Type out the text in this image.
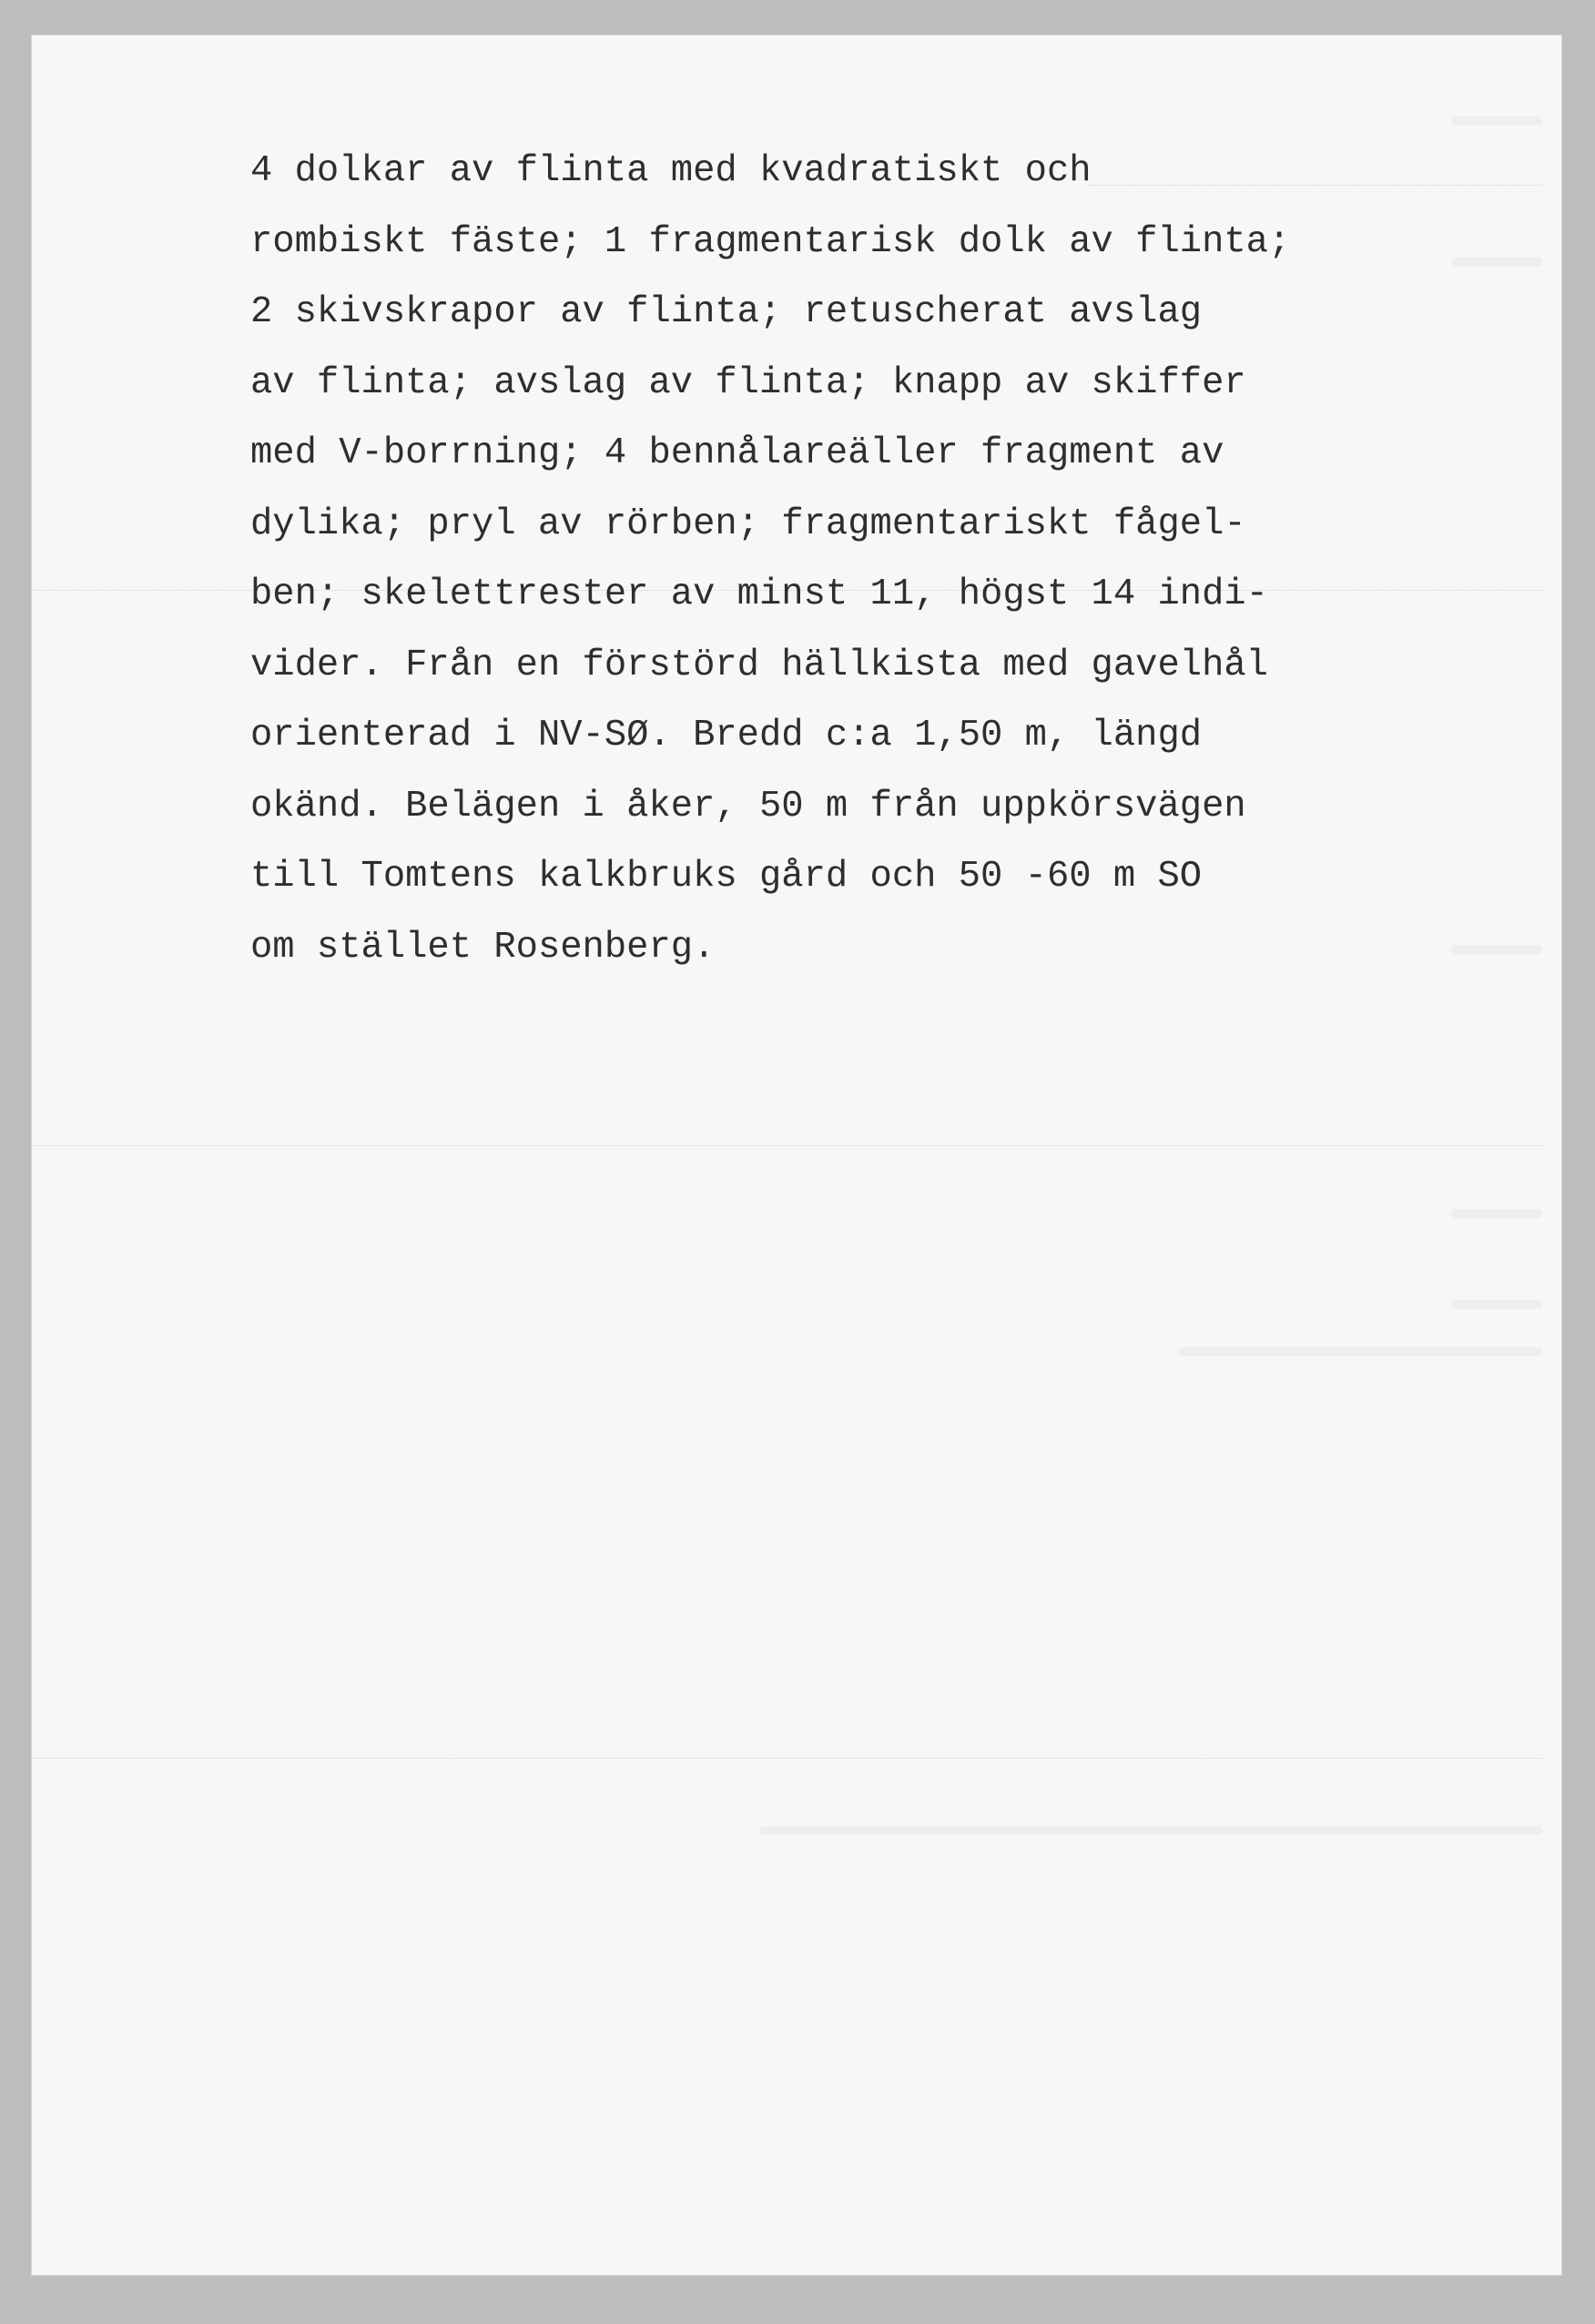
4 dolkar av flinta med kvadratiskt och
rombiskt fäste; 1 fragmentarisk dolk av flinta;
2 skivskrapor av flinta; retuscherat avslag
av flinta; avslag av flinta; knapp av skiffer
med V-borrning; 4 bennålareäller fragment av
dylika; pryl av rörben; fragmentariskt fågel-
ben; skelettrester av minst 11, högst 14 indi-
vider. Från en förstörd hällkista med gavelhål
orienterad i NV-SØ. Bredd c:a 1,50 m, längd
okänd. Belägen i åker, 50 m från uppkörsvägen
till Tomtens kalkbruks gård och 50 -60 m SO
om stället Rosenberg.
